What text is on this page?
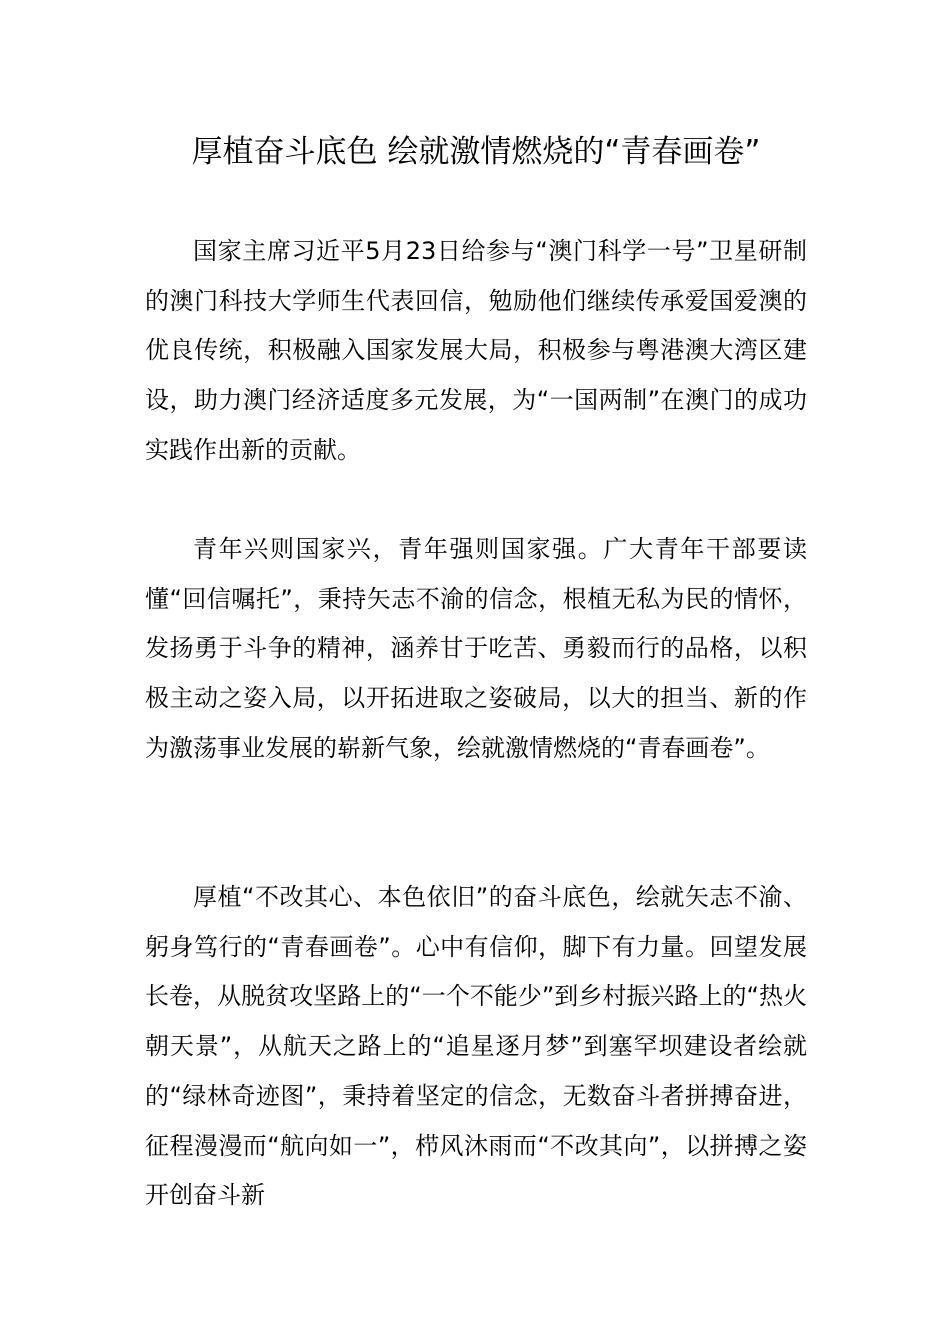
厚植奋斗底色 绘就激情燃烧的“青春画卷”

国家主席习近平5月23日给参与“澳门科学一号”卫星研制的澳门科技大学师生代表回信，勉励他们继续传承爱国爱澳的优良传统，积极融入国家发展大局，积极参与粤港澳大湾区建设，助力澳门经济适度多元发展，为“一国两制”在澳门的成功实践作出新的贡献。

青年兴则国家兴，青年强则国家强。广大青年干部要读懂“回信嘱托”，秉持矢志不渝的信念，根植无私为民的情怀，发扬勇于斗争的精神，涵养甘于吃苦、勇毅而行的品格，以积极主动之姿入局，以开拓进取之姿破局，以大的担当、新的作为激荡事业发展的崭新气象，绘就激情燃烧的“青春画卷”。

厚植“不改其心、本色依旧”的奋斗底色，绘就矢志不渝、躬身笃行的“青春画卷”。心中有信仰，脚下有力量。回望发展长卷，从脱贫攻坚路上的“一个不能少”到乡村振兴路上的“热火朝天景”，从航天之路上的“追星逐月梦”到塞罕坝建设者绘就的“绿林奇迹图”，秉持着坚定的信念，无数奋斗者拼搏奋进，征程漫漫而“航向如一”，栉风沐雨而“不改其向”，以拼搏之姿开创奋斗新
